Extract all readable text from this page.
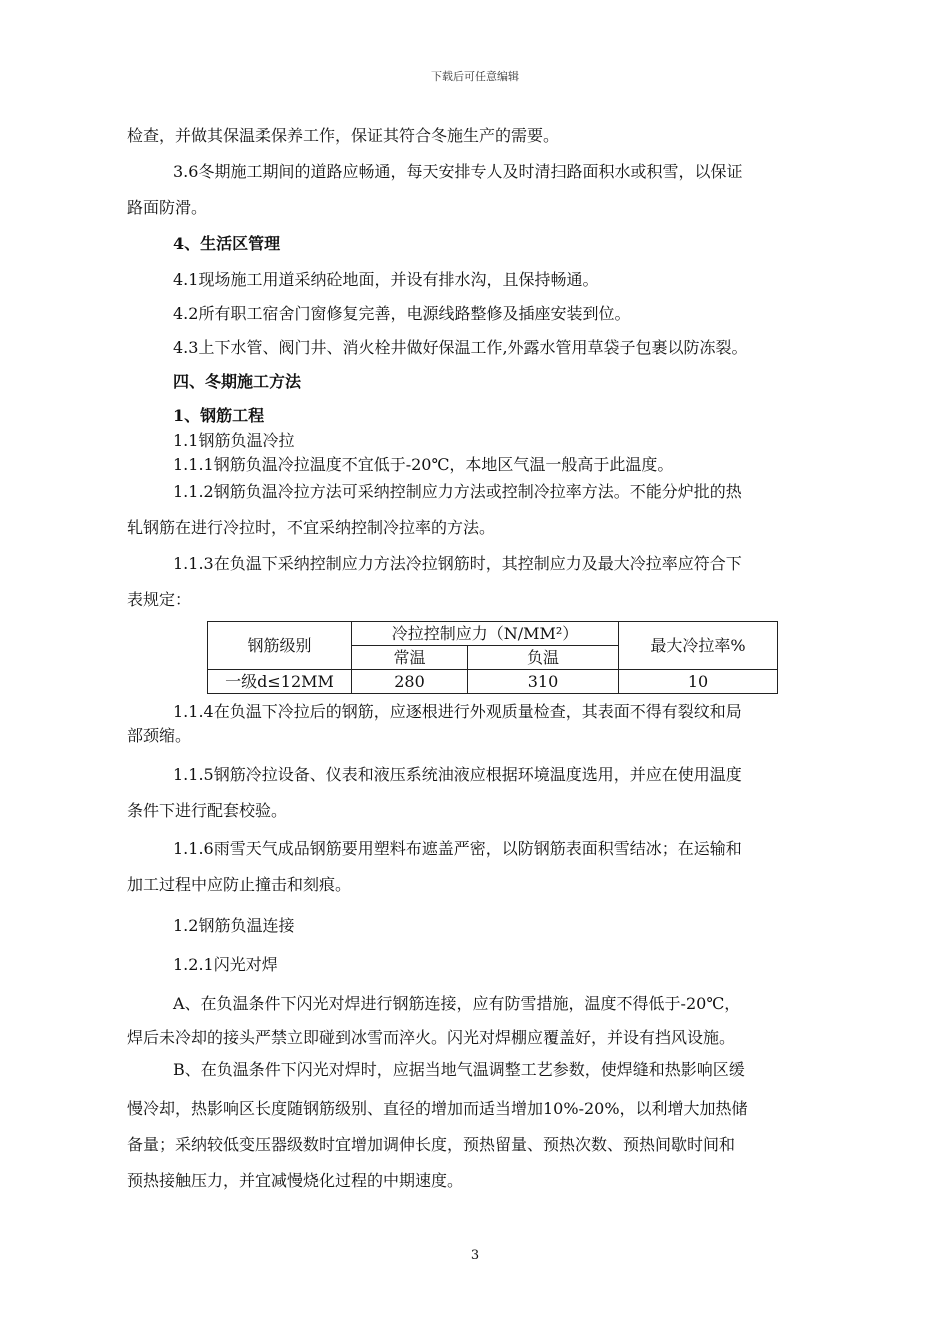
下载后可任意编辑
检查，并做其保温柔保养工作，保证其符合冬施生产的需要。
3.6冬期施工期间的道路应畅通，每天安排专人及时清扫路面积水或积雪，以保证
路面防滑。
4、生活区管理
4.1现场施工用道采纳砼地面，并设有排水沟，且保持畅通。
4.2所有职工宿舍门窗修复完善，电源线路整修及插座安装到位。
4.3上下水管、阀门井、消火栓井做好保温工作,外露水管用草袋子包裹以防冻裂。
四、冬期施工方法
1、钢筋工程
1.1钢筋负温冷拉
1.1.1钢筋负温冷拉温度不宜低于-20℃，本地区气温一般高于此温度。
1.1.2钢筋负温冷拉方法可采纳控制应力方法或控制冷拉率方法。不能分炉批的热
轧钢筋在进行冷拉时，不宜采纳控制冷拉率的方法。
1.1.3在负温下采纳控制应力方法冷拉钢筋时，其控制应力及最大冷拉率应符合下
表规定：
钢筋级别	冷拉控制应力（N/MM²）		最大冷拉率%
	常温	负温	
一级d≤12MM	280	310	10
1.1.4在负温下冷拉后的钢筋，应逐根进行外观质量检查，其表面不得有裂纹和局
部颈缩。
1.1.5钢筋冷拉设备、仪表和液压系统油液应根据环境温度选用，并应在使用温度
条件下进行配套校验。
1.1.6雨雪天气成品钢筋要用塑料布遮盖严密，以防钢筋表面积雪结冰；在运输和
加工过程中应防止撞击和刻痕。
1.2钢筋负温连接
1.2.1闪光对焊
A、在负温条件下闪光对焊进行钢筋连接，应有防雪措施，温度不得低于-20℃，
焊后未冷却的接头严禁立即碰到冰雪而淬火。闪光对焊棚应覆盖好，并设有挡风设施。
B、在负温条件下闪光对焊时，应据当地气温调整工艺参数，使焊缝和热影响区缓
慢冷却，热影响区长度随钢筋级别、直径的增加而适当增加10%-20%，以利增大加热储
备量；采纳较低变压器级数时宜增加调伸长度，预热留量、预热次数、预热间歇时间和
预热接触压力，并宜减慢烧化过程的中期速度。
3
